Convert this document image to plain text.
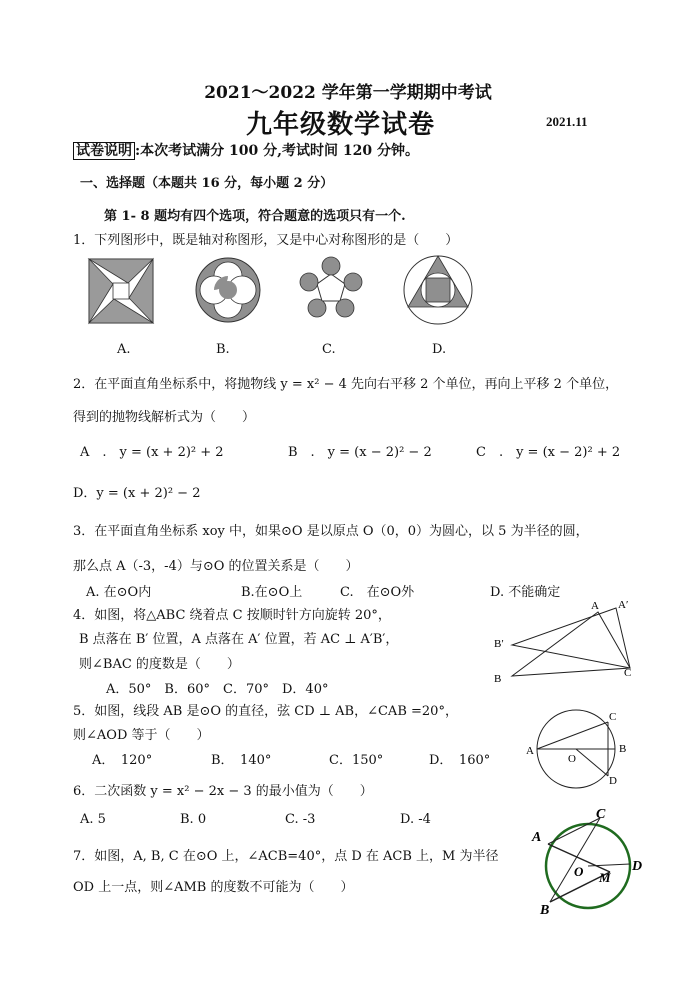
2021～2022 学年第一学期期中考试
九年级数学试卷	2021.11
试卷说明 :本次考试满分 100 分,考试时间 120 分钟。
一、选择题（本题共 16 分，每小题 2 分）
第 1- 8 题均有四个选项，符合题意的选项只有一个.
1．下列图形中，既是轴对称图形，又是中心对称图形的是（　　）
A.	B.	C.	D.
2．在平面直角坐标系中，将抛物线 y = x² − 4 先向右平移 2 个单位，再向上平移 2 个单位，
得到的抛物线解析式为（　　）
A　.　y = (x + 2)² + 2	B　.　y = (x − 2)² − 2	C　.　y = (x − 2)² + 2
D．y = (x + 2)² − 2
3．在平面直角坐标系 xoy 中，如果⊙O 是以原点 O（0，0）为圆心，以 5 为半径的圆，
那么点 A（-3，-4）与⊙O 的位置关系是（　　）
A. 在⊙O内	B.在⊙O上	C.　在⊙O外	D. 不能确定
4．如图，将△ABC 绕着点 C 按顺时针方向旋转 20°，
B 点落在 B′ 位置，A 点落在 A′ 位置，若 AC ⊥ A′B′，
则∠BAC 的度数是（　　）
A．50°　B．60°　C．70°　D．40°
A A′
B′
B	C
5．如图，线段 AB 是⊙O 的直径，弦 CD ⊥ AB，∠CAB =20°，
则∠AOD 等于（　　）
A．　120°	B．　140°	C．150°	D．　160°
A	B
C
D
O
6．二次函数 y = x² − 2x − 3 的最小值为（　　）
A. 5	B. 0	C. -3	D. -4
7．如图，A, B, C 在⊙O 上，∠ACB=40°，点 D 在 ACB 上，M 为半径
OD 上一点，则∠AMB 的度数不可能为（　　）
A
B
C
D
O M
